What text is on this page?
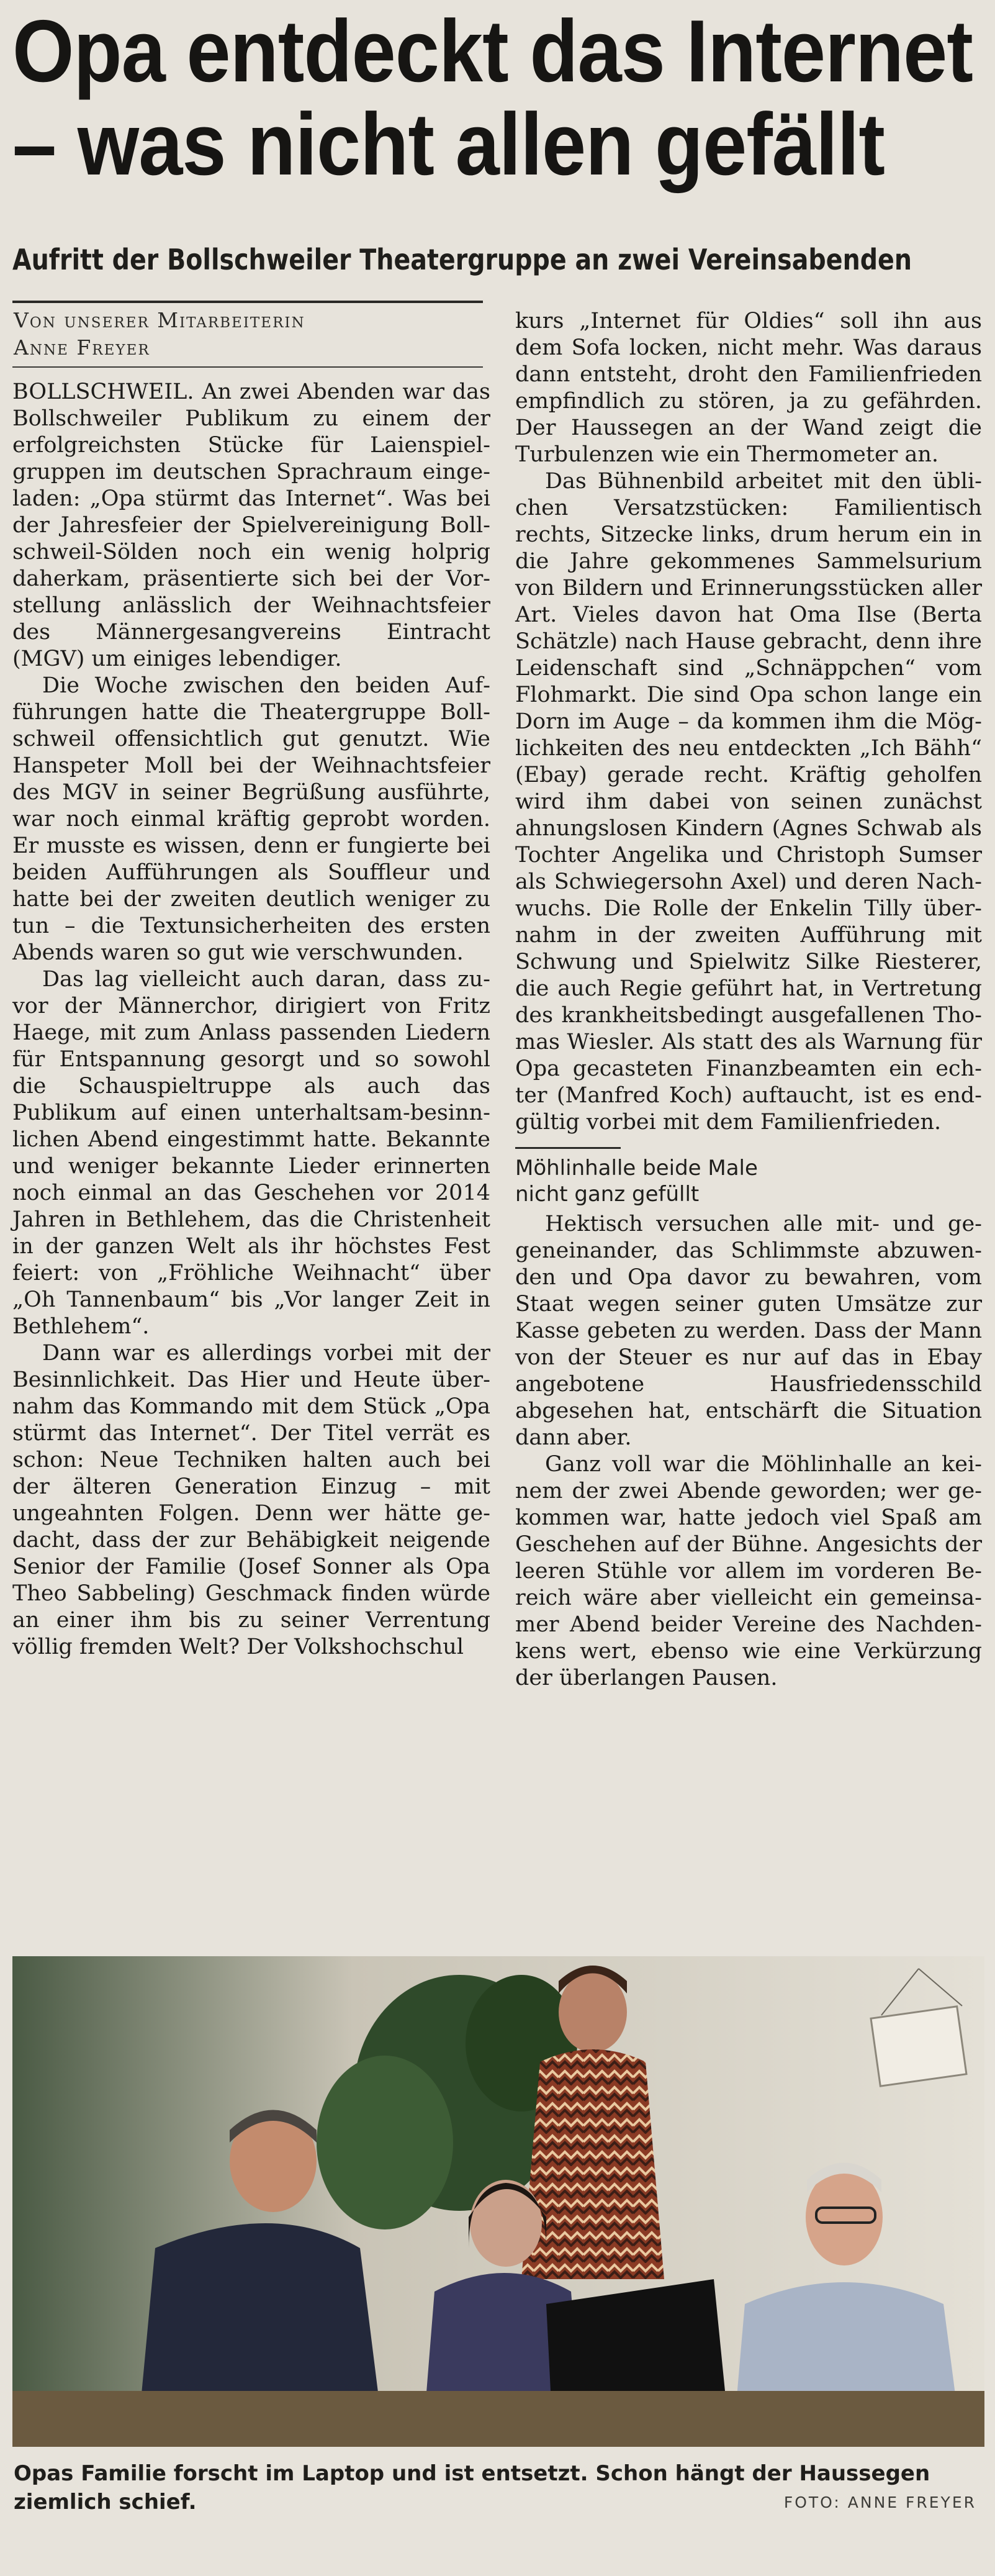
Opa entdeckt das Internet
– was nicht allen gefällt
Aufritt der Bollschweiler Theatergruppe an zwei Vereinsabenden
Von unserer Mitarbeiterin
Anne Freyer

BOLLSCHWEIL. An zwei Abenden war das Bollschweiler Publikum zu einem der erfolgreichsten Stücke für Laienspielgruppen im deutschen Sprachraum eingeladen: „Opa stürmt das Internet“. Was bei der Jahresfeier der Spielvereinigung Bollschweil-Sölden noch ein wenig holprig daherkam, präsentierte sich bei der Vorstellung anlässlich der Weihnachtsfeier des Männergesangvereins Eintracht (MGV) um einiges lebendiger.

Die Woche zwischen den beiden Aufführungen hatte die Theatergruppe Bollschweil offensichtlich gut genutzt. Wie Hanspeter Moll bei der Weihnachtsfeier des MGV in seiner Begrüßung ausführte, war noch einmal kräftig geprobt worden. Er musste es wissen, denn er fungierte bei beiden Aufführungen als Souffleur und hatte bei der zweiten deutlich weniger zu tun – die Textunsicherheiten des ersten Abends waren so gut wie verschwunden.

Das lag vielleicht auch daran, dass zuvor der Männerchor, dirigiert von Fritz Haege, mit zum Anlass passenden Liedern für Entspannung gesorgt und so sowohl die Schauspieltruppe als auch das Publikum auf einen unterhaltsam-besinnlichen Abend eingestimmt hatte. Bekannte und weniger bekannte Lieder erinnerten noch einmal an das Geschehen vor 2014 Jahren in Bethlehem, das die Christenheit in der ganzen Welt als ihr höchstes Fest feiert: von „Fröhliche Weihnacht“ über „Oh Tannenbaum“ bis „Vor langer Zeit in Bethlehem“.

Dann war es allerdings vorbei mit der Besinnlichkeit. Das Hier und Heute übernahm das Kommando mit dem Stück „Opa stürmt das Internet“. Der Titel verrät es schon: Neue Techniken halten auch bei der älteren Generation Einzug – mit ungeahnten Folgen. Denn wer hätte gedacht, dass der zur Behäbigkeit neigende Senior der Familie (Josef Sonner als Opa Theo Sabbeling) Geschmack finden würde an einer ihm bis zu seiner Verrentung völlig fremden Welt? Der Volkshochschul

kurs „Internet für Oldies“ soll ihn aus dem Sofa locken, nicht mehr. Was daraus dann entsteht, droht den Familienfrieden empfindlich zu stören, ja zu gefährden. Der Haussegen an der Wand zeigt die Turbulenzen wie ein Thermometer an.

Das Bühnenbild arbeitet mit den üblichen Versatzstücken: Familientisch rechts, Sitzecke links, drum herum ein in die Jahre gekommenes Sammelsurium von Bildern und Erinnerungsstücken aller Art. Vieles davon hat Oma Ilse (Berta Schätzle) nach Hause gebracht, denn ihre Leidenschaft sind „Schnäppchen“ vom Flohmarkt. Die sind Opa schon lange ein Dorn im Auge – da kommen ihm die Möglichkeiten des neu entdeckten „Ich Bähh“ (Ebay) gerade recht. Kräftig geholfen wird ihm dabei von seinen zunächst ahnungslosen Kindern (Agnes Schwab als Tochter Angelika und Christoph Sumser als Schwiegersohn Axel) und deren Nachwuchs. Die Rolle der Enkelin Tilly übernahm in der zweiten Aufführung mit Schwung und Spielwitz Silke Riesterer, die auch Regie geführt hat, in Vertretung des krankheitsbedingt ausgefallenen Thomas Wiesler. Als statt des als Warnung für Opa gecasteten Finanzbeamten ein echter (Manfred Koch) auftaucht, ist es endgültig vorbei mit dem Familienfrieden.

Möhlinhalle beide Male
nicht ganz gefüllt

Hektisch versuchen alle mit- und gegeneinander, das Schlimmste abzuwenden und Opa davor zu bewahren, vom Staat wegen seiner guten Umsätze zur Kasse gebeten zu werden. Dass der Mann von der Steuer es nur auf das in Ebay angebotene Hausfriedensschild abgesehen hat, entschärft die Situation dann aber.

Ganz voll war die Möhlinhalle an keinem der zwei Abende geworden; wer gekommen war, hatte jedoch viel Spaß am Geschehen auf der Bühne. Angesichts der leeren Stühle vor allem im vorderen Bereich wäre aber vielleicht ein gemeinsamer Abend beider Vereine des Nachdenkens wert, ebenso wie eine Verkürzung der überlangen Pausen.

Opas Familie forscht im Laptop und ist entsetzt. Schon hängt der Haussegen ziemlich schief.	FOTO: ANNE FREYER
